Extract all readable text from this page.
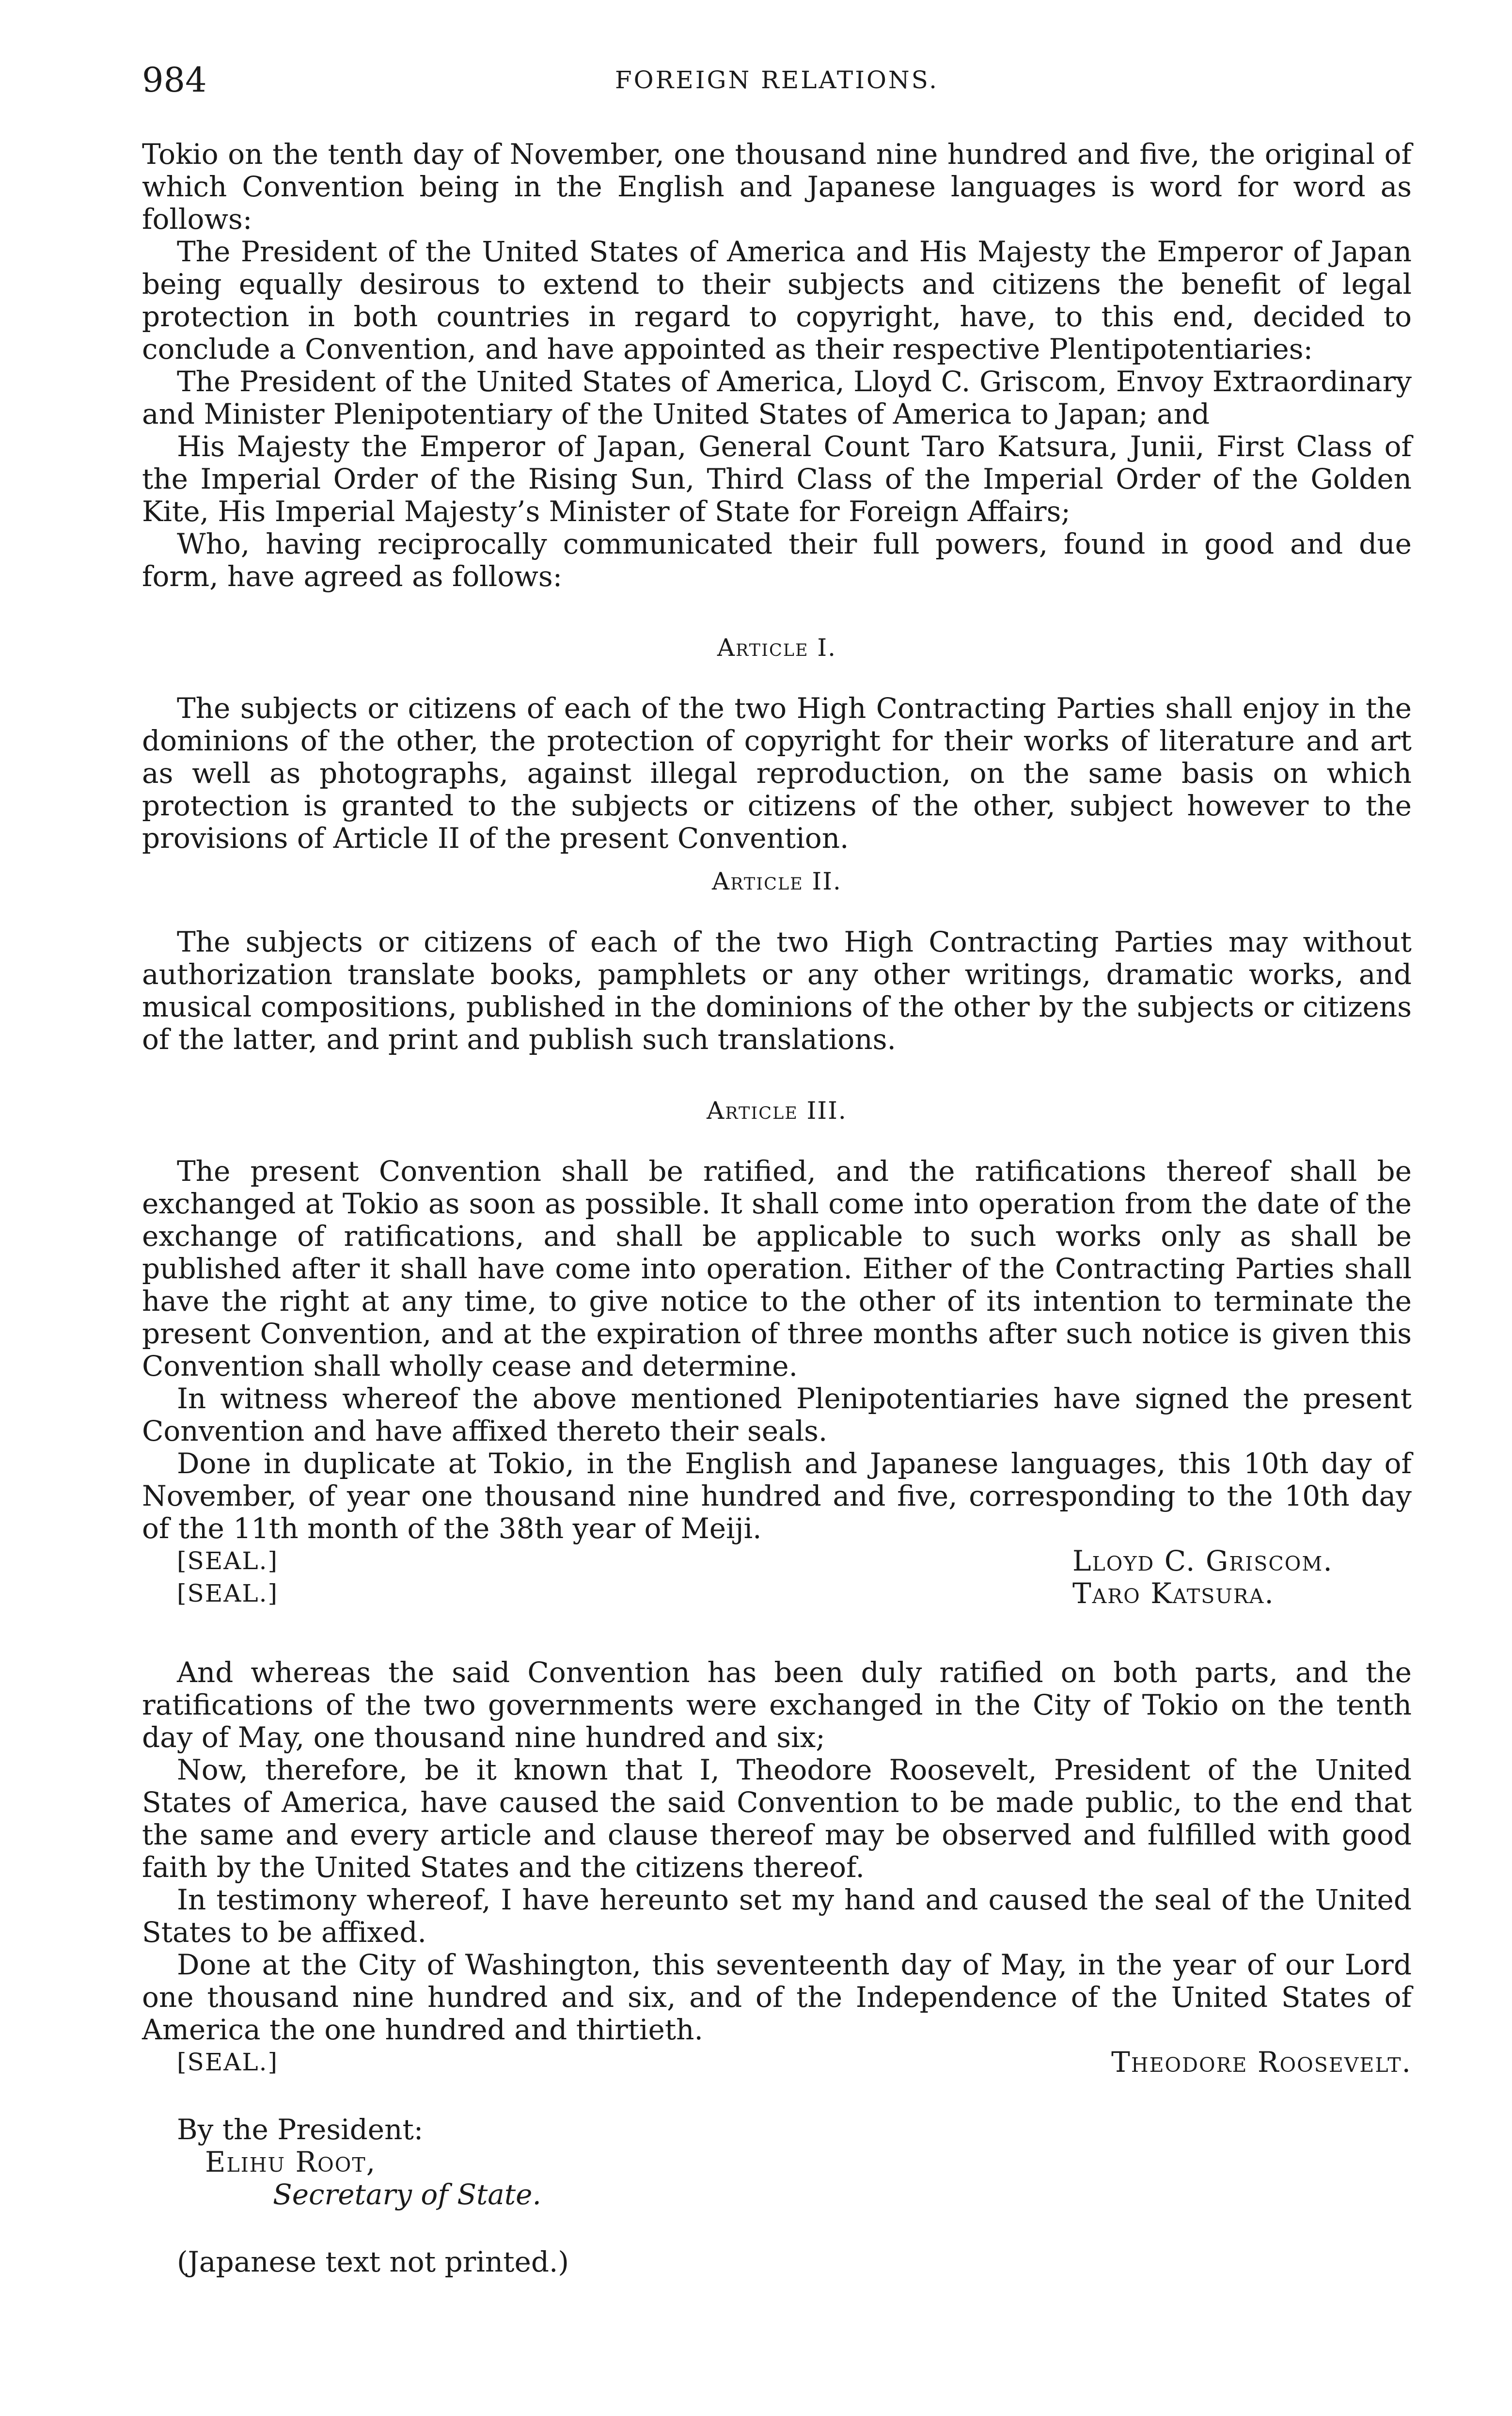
984	FOREIGN RELATIONS.

Tokio on the tenth day of November, one thousand nine hundred and five, the original of which Convention being in the English and Japanese languages is word for word as follows:

The President of the United States of America and His Majesty the Emperor of Japan being equally desirous to extend to their subjects and citizens the benefit of legal protection in both countries in regard to copyright, have, to this end, decided to conclude a Convention, and have appointed as their respective Plentipotentiaries:

The President of the United States of America, Lloyd C. Griscom, Envoy Extraordinary and Minister Plenipotentiary of the United States of America to Japan; and

His Majesty the Emperor of Japan, General Count Taro Katsura, Junii, First Class of the Imperial Order of the Rising Sun, Third Class of the Imperial Order of the Golden Kite, His Imperial Majesty’s Minister of State for Foreign Affairs;

Who, having reciprocally communicated their full powers, found in good and due form, have agreed as follows:

Article I.

The subjects or citizens of each of the two High Contracting Parties shall enjoy in the dominions of the other, the protection of copyright for their works of literature and art as well as photographs, against illegal reproduction, on the same basis on which protection is granted to the subjects or citizens of the other, subject however to the provisions of Article II of the present Convention.

Article II.

The subjects or citizens of each of the two High Contracting Parties may without authorization translate books, pamphlets or any other writings, dramatic works, and musical compositions, published in the dominions of the other by the subjects or citizens of the latter, and print and publish such translations.

Article III.

The present Convention shall be ratified, and the ratifications thereof shall be exchanged at Tokio as soon as possible. It shall come into operation from the date of the exchange of ratifications, and shall be applicable to such works only as shall be published after it shall have come into operation. Either of the Contracting Parties shall have the right at any time, to give notice to the other of its intention to terminate the present Convention, and at the expiration of three months after such notice is given this Convention shall wholly cease and determine.

In witness whereof the above mentioned Plenipotentiaries have signed the present Convention and have affixed thereto their seals.

Done in duplicate at Tokio, in the English and Japanese languages, this 10th day of November, of year one thousand nine hundred and five, corresponding to the 10th day of the 11th month of the 38th year of Meiji.

[SEAL.]	Lloyd C. Griscom.
[SEAL.]	Taro Katsura.

And whereas the said Convention has been duly ratified on both parts, and the ratifications of the two governments were exchanged in the City of Tokio on the tenth day of May, one thousand nine hundred and six;

Now, therefore, be it known that I, Theodore Roosevelt, President of the United States of America, have caused the said Convention to be made public, to the end that the same and every article and clause thereof may be observed and fulfilled with good faith by the United States and the citizens thereof.

In testimony whereof, I have hereunto set my hand and caused the seal of the United States to be affixed.

Done at the City of Washington, this seventeenth day of May, in the year of our Lord one thousand nine hundred and six, and of the Independence of the United States of America the one hundred and thirtieth.

[SEAL.]	Theodore Roosevelt.
By the President:
Elihu Root,
Secretary of State.
(Japanese text not printed.)
